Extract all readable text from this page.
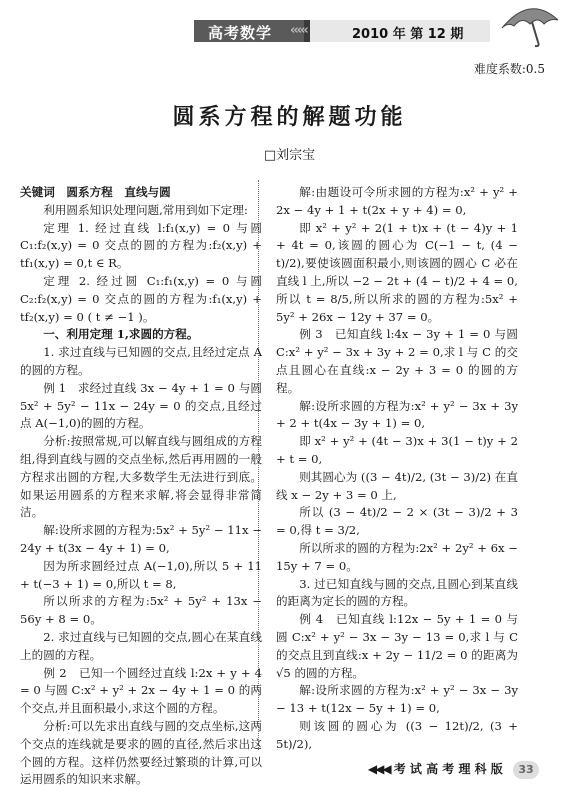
高考数学 ‹‹‹‹‹	2010 年 第 12 期
难度系数:0.5
圆系方程的解题功能
□刘宗宝

关键词　圆系方程　直线与圆

利用圆系知识处理问题,常用到如下定理:

定理 1. 经过直线 l:f₁(x,y) = 0 与圆 C₁:f₂(x,y) = 0 交点的圆的方程为:f₂(x,y) + tf₁(x,y) = 0,t ∈ R。

定理 2. 经过圆 C₁:f₁(x,y) = 0 与圆 C₂:f₂(x,y) = 0 交点的圆的方程为:f₁(x,y) + tf₂(x,y) = 0 ( t ≠ −1 )。

一、利用定理 1,求圆的方程。

1. 求过直线与已知圆的交点,且经过定点 A 的圆的方程。

例 1　求经过直线 3x − 4y + 1 = 0 与圆 5x² + 5y² − 11x − 24y = 0 的交点,且经过点 A(−1,0)的圆的方程。

分析:按照常规,可以解直线与圆组成的方程组,得到直线与圆的交点坐标,然后再用圆的一般方程求出圆的方程,大多数学生无法进行到底。如果运用圆系的方程来求解,将会显得非常简洁。

解:设所求圆的方程为:5x² + 5y² − 11x − 24y + t(3x − 4y + 1) = 0,

因为所求圆经过点 A(−1,0),所以 5 + 11 + t(−3 + 1) = 0,所以 t = 8,

所以所求的方程为:5x² + 5y² + 13x − 56y + 8 = 0。

2. 求过直线与已知圆的交点,圆心在某直线上的圆的方程。

例 2　已知一个圆经过直线 l:2x + y + 4 = 0 与圆 C:x² + y² + 2x − 4y + 1 = 0 的两个交点,并且面积最小,求这个圆的方程。

分析:可以先求出直线与圆的交点坐标,这两个交点的连线就是要求的圆的直径,然后求出这个圆的方程。这样仍然要经过繁琐的计算,可以运用圆系的知识来求解。

解:由题设可令所求圆的方程为:x² + y² + 2x − 4y + 1 + t(2x + y + 4) = 0,

即 x² + y² + 2(1 + t)x + (t − 4)y + 1 + 4t = 0,该圆的圆心为 C(−1 − t, (4 − t)/2),要使该圆面积最小,则该圆的圆心 C 必在直线 l 上,所以 −2 − 2t + (4 − t)/2 + 4 = 0,所以 t = 8/5,所以所求的圆的方程为:5x² + 5y² + 26x − 12y + 37 = 0。

例 3　已知直线 l:4x − 3y + 1 = 0 与圆 C:x² + y² − 3x + 3y + 2 = 0,求 l 与 C 的交点且圆心在直线:x − 2y + 3 = 0 的圆的方程。

解:设所求圆的方程为:x² + y² − 3x + 3y + 2 + t(4x − 3y + 1) = 0,

即 x² + y² + (4t − 3)x + 3(1 − t)y + 2 + t = 0,

则其圆心为 ((3 − 4t)/2, (3t − 3)/2) 在直线 x − 2y + 3 = 0 上,

所以 (3 − 4t)/2 − 2 × (3t − 3)/2 + 3 = 0,得 t = 3/2,

所以所求的圆的方程为:2x² + 2y² + 6x − 15y + 7 = 0。

3. 过已知直线与圆的交点,且圆心到某直线的距离为定长的圆的方程。

例 4　已知直线 l:12x − 5y + 1 = 0 与圆 C:x² + y² − 3x − 3y − 13 = 0,求 l 与 C 的交点且到直线:x + 2y − 11/2 = 0 的距离为 √5 的圆的方程。

解:设所求圆的方程为:x² + y² − 3x − 3y − 13 + t(12x − 5y + 1) = 0,

则该圆的圆心为 ((3 − 12t)/2, (3 + 5t)/2),

◀◀◀ 考 试 高 考 理 科 版 33
